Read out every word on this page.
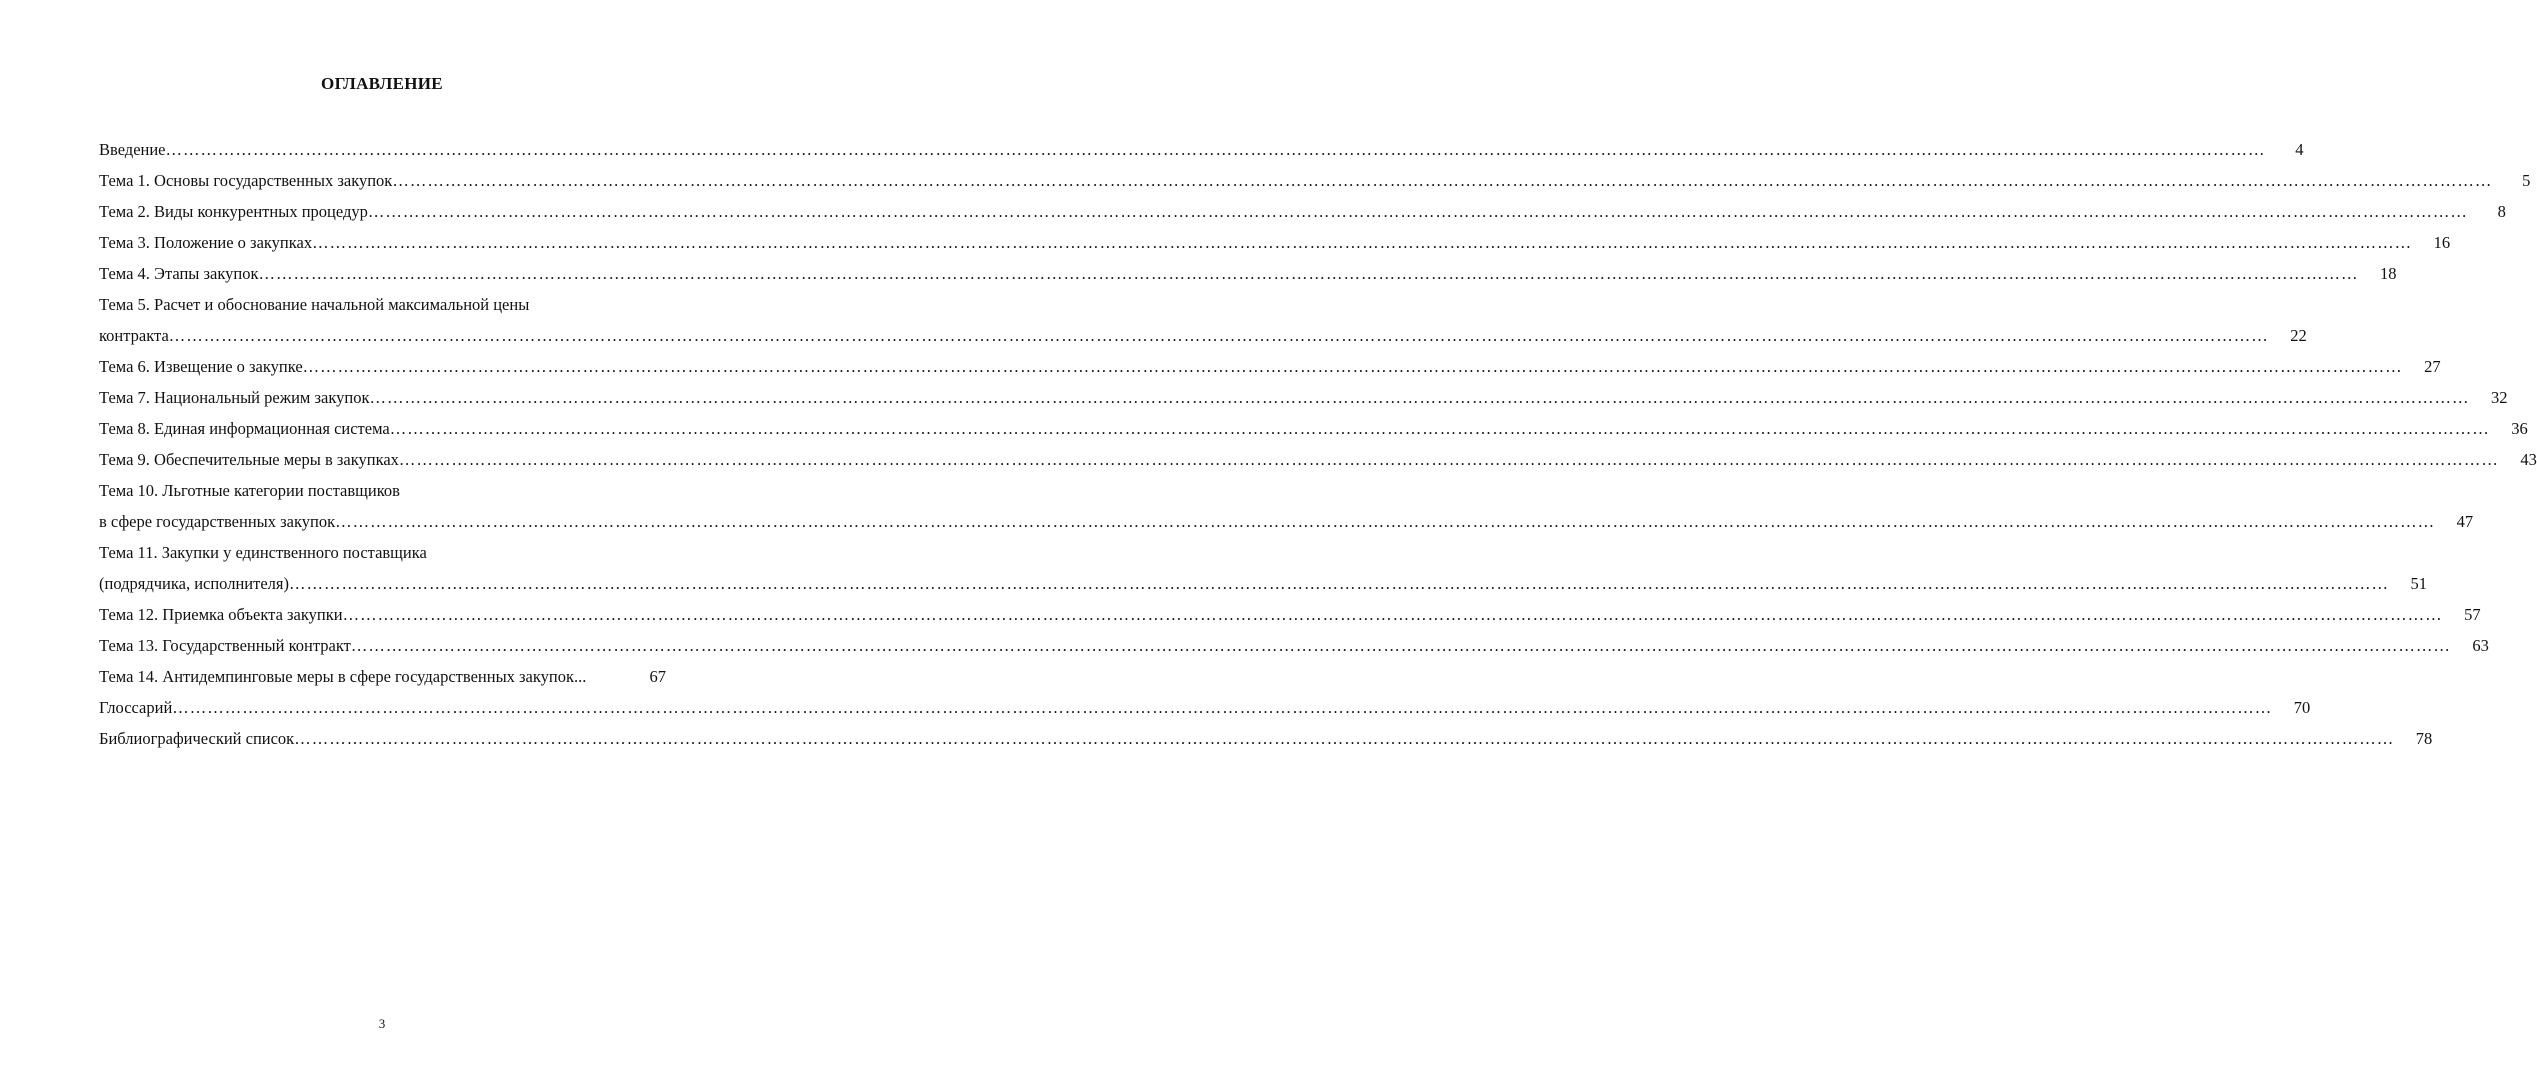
ОГЛАВЛЕНИЕ
Введение ………………………………………………………………………………………………………………………………………………………………………………………………………………………………………………………………………………………………………………………………	4
Тема 1. Основы государственных закупок ………………………………………………………………………………………………………………………………………………………………………………………………………………………………………………………………………………………………………………………………	5
Тема 2. Виды конкурентных процедур ………………………………………………………………………………………………………………………………………………………………………………………………………………………………………………………………………………………………………………………………	8
Тема 3. Положение о закупках ………………………………………………………………………………………………………………………………………………………………………………………………………………………………………………………………………………………………………………………………	16
Тема 4. Этапы закупок ………………………………………………………………………………………………………………………………………………………………………………………………………………………………………………………………………………………………………………………………	18
Тема 5. Расчет и обоснование начальной максимальной цены
контракта ………………………………………………………………………………………………………………………………………………………………………………………………………………………………………………………………………………………………………………………………	22
Тема 6. Извещение о закупке ………………………………………………………………………………………………………………………………………………………………………………………………………………………………………………………………………………………………………………………………	27
Тема 7. Национальный режим закупок ………………………………………………………………………………………………………………………………………………………………………………………………………………………………………………………………………………………………………………………………	32
Тема 8. Единая информационная система ………………………………………………………………………………………………………………………………………………………………………………………………………………………………………………………………………………………………………………………………	36
Тема 9. Обеспечительные меры в закупках ………………………………………………………………………………………………………………………………………………………………………………………………………………………………………………………………………………………………………………………………	43
Тема 10. Льготные категории поставщиков
в сфере государственных закупок ………………………………………………………………………………………………………………………………………………………………………………………………………………………………………………………………………………………………………………………………	47
Тема 11. Закупки у единственного поставщика
(подрядчика, исполнителя) ………………………………………………………………………………………………………………………………………………………………………………………………………………………………………………………………………………………………………………………………	51
Тема 12. Приемка объекта закупки ………………………………………………………………………………………………………………………………………………………………………………………………………………………………………………………………………………………………………………………………	57
Тема 13. Государственный контракт ………………………………………………………………………………………………………………………………………………………………………………………………………………………………………………………………………………………………………………………………	63
Тема 14. Антидемпинговые меры в сфере государственных закупок...	67
Глоссарий ………………………………………………………………………………………………………………………………………………………………………………………………………………………………………………………………………………………………………………………………	70
Библиографический список ………………………………………………………………………………………………………………………………………………………………………………………………………………………………………………………………………………………………………………………………	78
3
